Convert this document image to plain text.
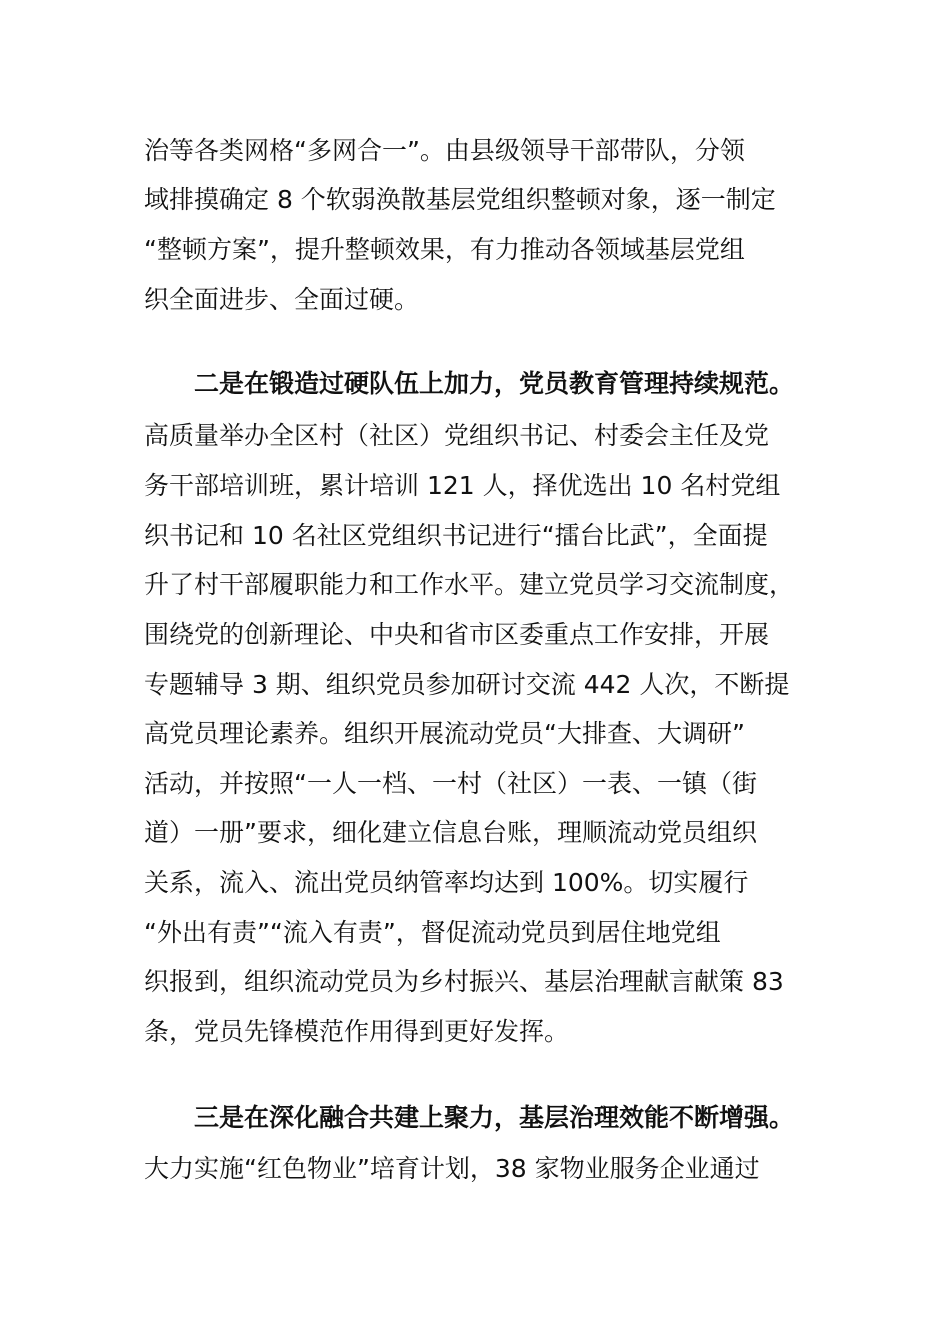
治等各类网格“多网合一”。由县级领导干部带队，分领
域排摸确定 8 个软弱涣散基层党组织整顿对象，逐一制定
“整顿方案”，提升整顿效果，有力推动各领域基层党组
织全面进步、全面过硬。
二是在锻造过硬队伍上加力，党员教育管理持续规范。
高质量举办全区村（社区）党组织书记、村委会主任及党
务干部培训班，累计培训 121 人，择优选出 10 名村党组
织书记和 10 名社区党组织书记进行“擂台比武”，全面提
升了村干部履职能力和工作水平。建立党员学习交流制度，
围绕党的创新理论、中央和省市区委重点工作安排，开展
专题辅导 3 期、组织党员参加研讨交流 442 人次，不断提
高党员理论素养。组织开展流动党员“大排查、大调研”
活动，并按照“一人一档、一村（社区）一表、一镇（街
道）一册”要求，细化建立信息台账，理顺流动党员组织
关系，流入、流出党员纳管率均达到 100%。切实履行
“外出有责”“流入有责”，督促流动党员到居住地党组
织报到，组织流动党员为乡村振兴、基层治理献言献策 83
条，党员先锋模范作用得到更好发挥。
三是在深化融合共建上聚力，基层治理效能不断增强。
大力实施“红色物业”培育计划，38 家物业服务企业通过
